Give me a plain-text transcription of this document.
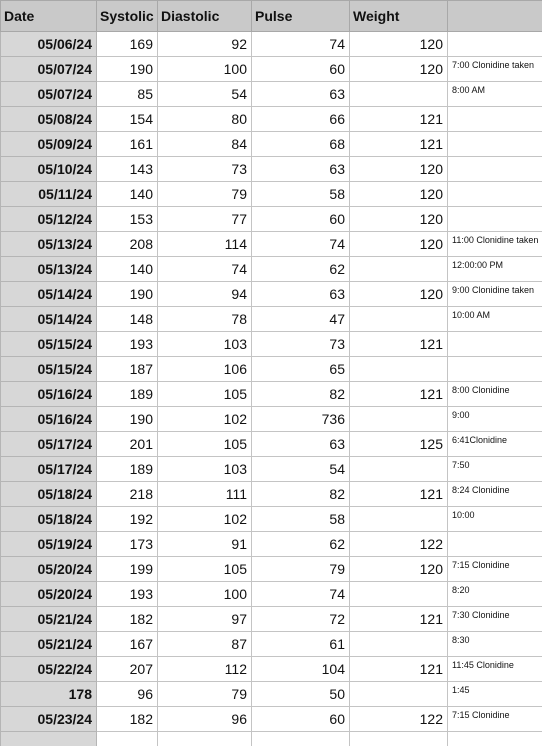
Date	Systolic	Diastolic	Pulse	Weight	
05/06/24	169	92	74	120	

05/07/24	190	100	60	120	7:00 Clonidine taken

05/07/24	85	54	63		8:00 AM

05/08/24	154	80	66	121	

05/09/24	161	84	68	121	

05/10/24	143	73	63	120	

05/11/24	140	79	58	120	

05/12/24	153	77	60	120	

05/13/24	208	114	74	120	11:00 Clonidine taken

05/13/24	140	74	62		12:00:00 PM

05/14/24	190	94	63	120	9:00 Clonidine taken

05/14/24	148	78	47		10:00 AM

05/15/24	193	103	73	121	

05/15/24	187	106	65		

05/16/24	189	105	82	121	8:00 Clonidine

05/16/24	190	102	736		9:00

05/17/24	201	105	63	125	6:41Clonidine

05/17/24	189	103	54		7:50

05/18/24	218	111	82	121	8:24 Clonidine

05/18/24	192	102	58		10:00

05/19/24	173	91	62	122	

05/20/24	199	105	79	120	7:15 Clonidine

05/20/24	193	100	74		8:20

05/21/24	182	97	72	121	7:30 Clonidine

05/21/24	167	87	61		8:30

05/22/24	207	112	104	121	11:45 Clonidine

178	96	79	50		1:45

05/23/24	182	96	60	122	7:15 Clonidine
